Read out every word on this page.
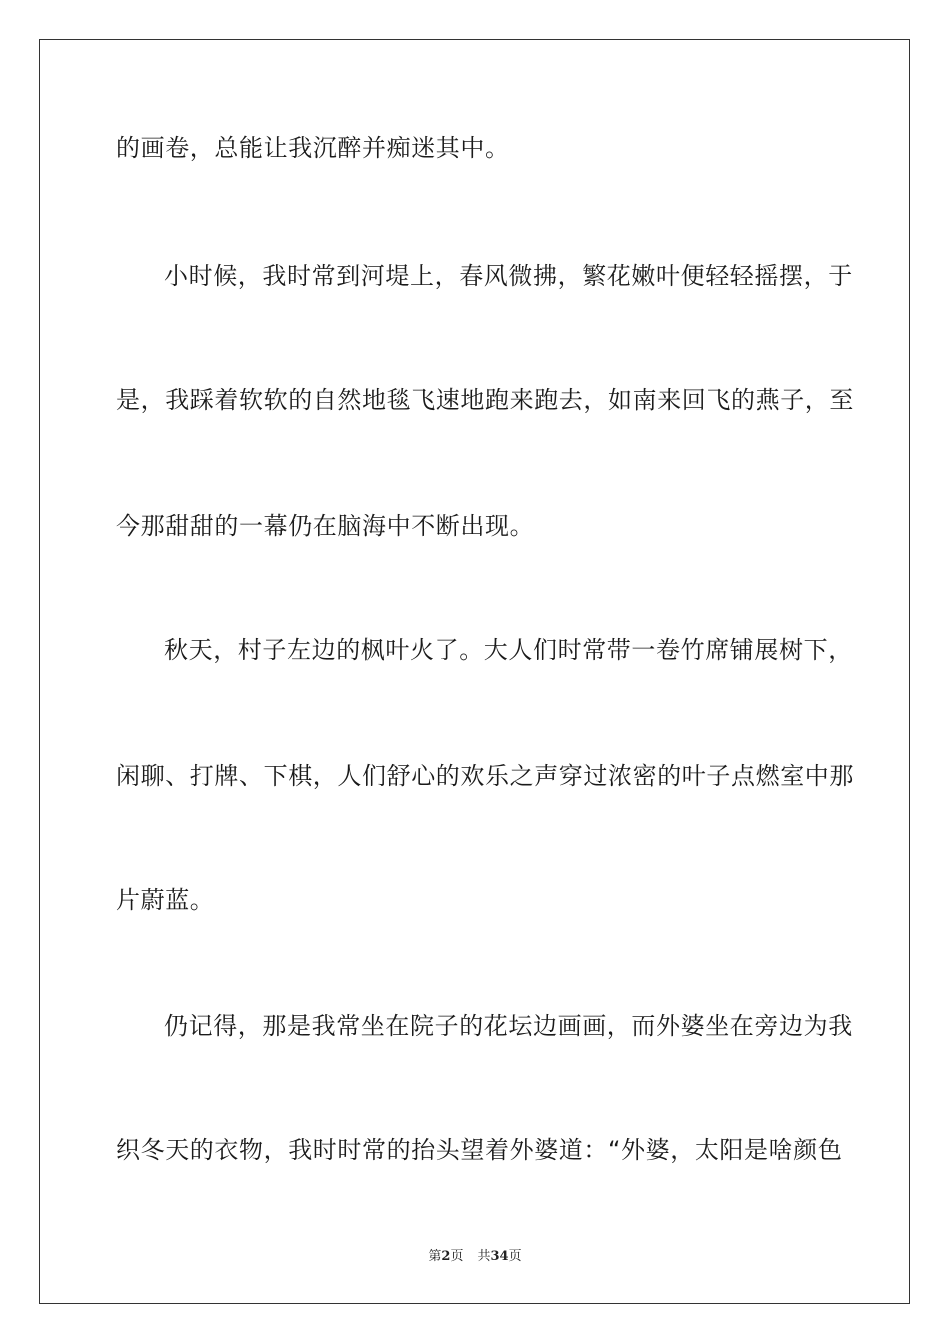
的画卷，总能让我沉醉并痴迷其中。
小时候，我时常到河堤上，春风微拂，繁花嫩叶便轻轻摇摆，于
是，我踩着软软的自然地毯飞速地跑来跑去，如南来回飞的燕子，至
今那甜甜的一幕仍在脑海中不断出现。
秋天，村子左边的枫叶火了。大人们时常带一卷竹席铺展树下，
闲聊、打牌、下棋，人们舒心的欢乐之声穿过浓密的叶子点燃室中那
片蔚蓝。
仍记得，那是我常坐在院子的花坛边画画，而外婆坐在旁边为我
织冬天的衣物，我时时常的抬头望着外婆道：“外婆，太阳是啥颜色
第2页 共34页
